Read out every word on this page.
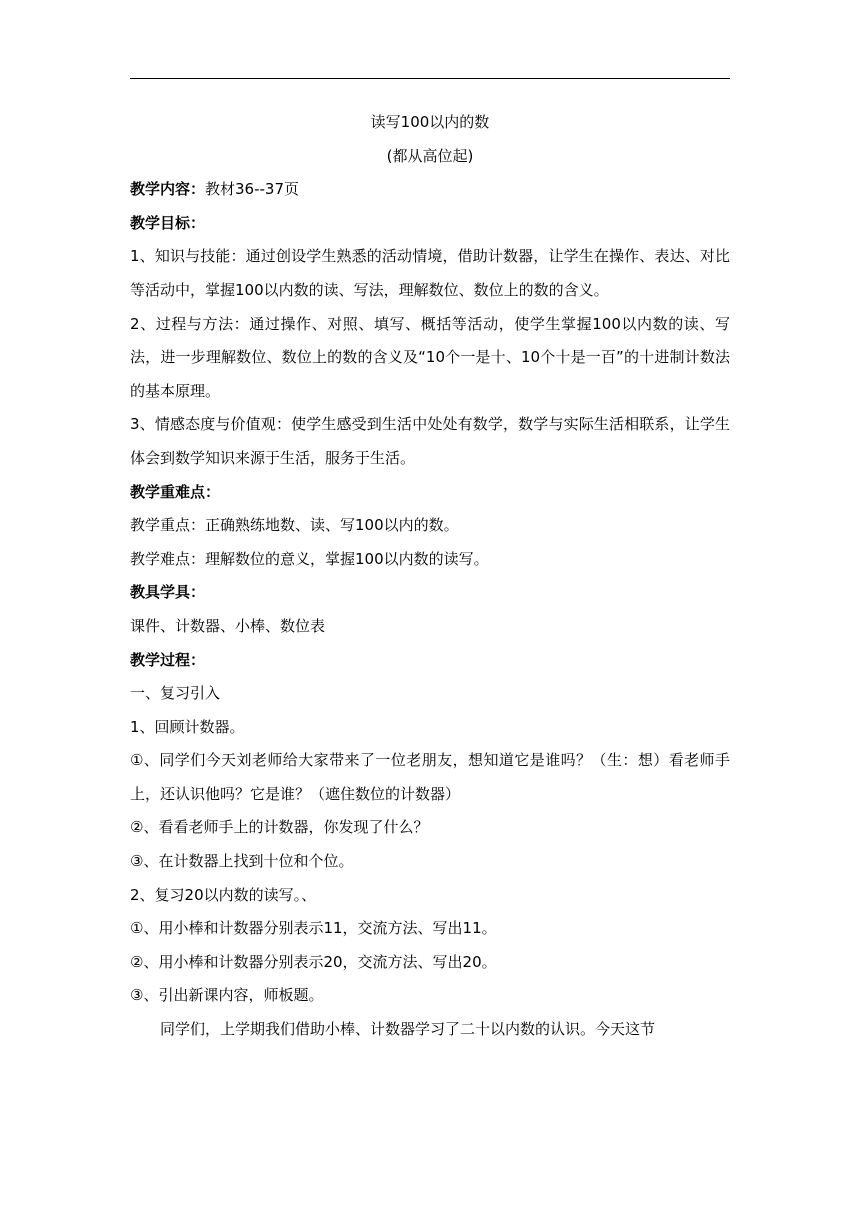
读写100以内的数

(都从高位起)

教学内容：教材36--37页

教学目标：

1、知识与技能：通过创设学生熟悉的活动情境，借助计数器，让学生在操作、表达、对比等活动中，掌握100以内数的读、写法，理解数位、数位上的数的含义。

2、过程与方法：通过操作、对照、填写、概括等活动，使学生掌握100以内数的读、写法，进一步理解数位、数位上的数的含义及“10个一是十、10个十是一百”的十进制计数法的基本原理。

3、情感态度与价值观：使学生感受到生活中处处有数学，数学与实际生活相联系，让学生体会到数学知识来源于生活，服务于生活。

教学重难点：

教学重点：正确熟练地数、读、写100以内的数。

教学难点：理解数位的意义，掌握100以内数的读写。

教具学具：

课件、计数器、小棒、数位表

教学过程：

一、复习引入

1、回顾计数器。

①、同学们今天刘老师给大家带来了一位老朋友，想知道它是谁吗？（生：想）看老师手上，还认识他吗？它是谁？（遮住数位的计数器）

②、看看老师手上的计数器，你发现了什么？

③、在计数器上找到十位和个位。

2、复习20以内数的读写。、

①、用小棒和计数器分别表示11，交流方法、写出11。

②、用小棒和计数器分别表示20，交流方法、写出20。

③、引出新课内容，师板题。

同学们，上学期我们借助小棒、计数器学习了二十以内数的认识。今天这节
